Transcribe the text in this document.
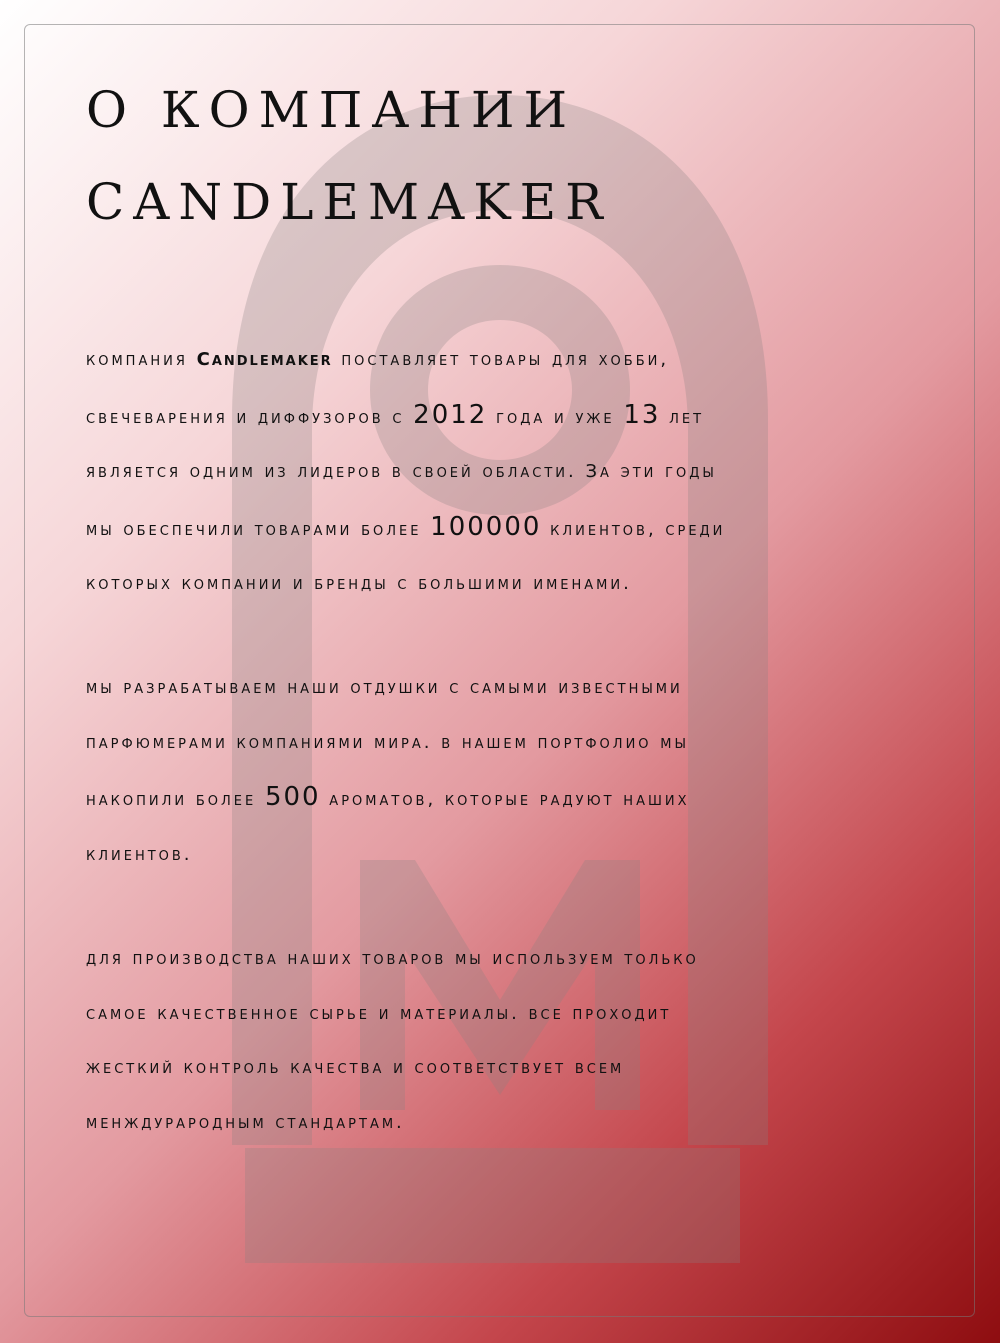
О КОМПАНИИ
CANDLEMAKER

компания Candlemaker поставляет товары для хобби,
свечеварения и диффузоров с 2012 года и уже 13 лет
является одним из лидеров в своей области. За эти годы
мы обеспечили товарами более 100000 клиентов, среди
которых компании и бренды с большими именами.

мы разрабатываем наши отдушки с самыми известными
парфюмерами компаниями мира. в нашем портфолио мы
накопили более 500 ароматов, которые радуют наших
клиентов.

для производства наших товаров мы используем только
самое качественное сырье и материалы. все проходит
жесткий контроль качества и соответствует всем
менждурародным стандартам.
